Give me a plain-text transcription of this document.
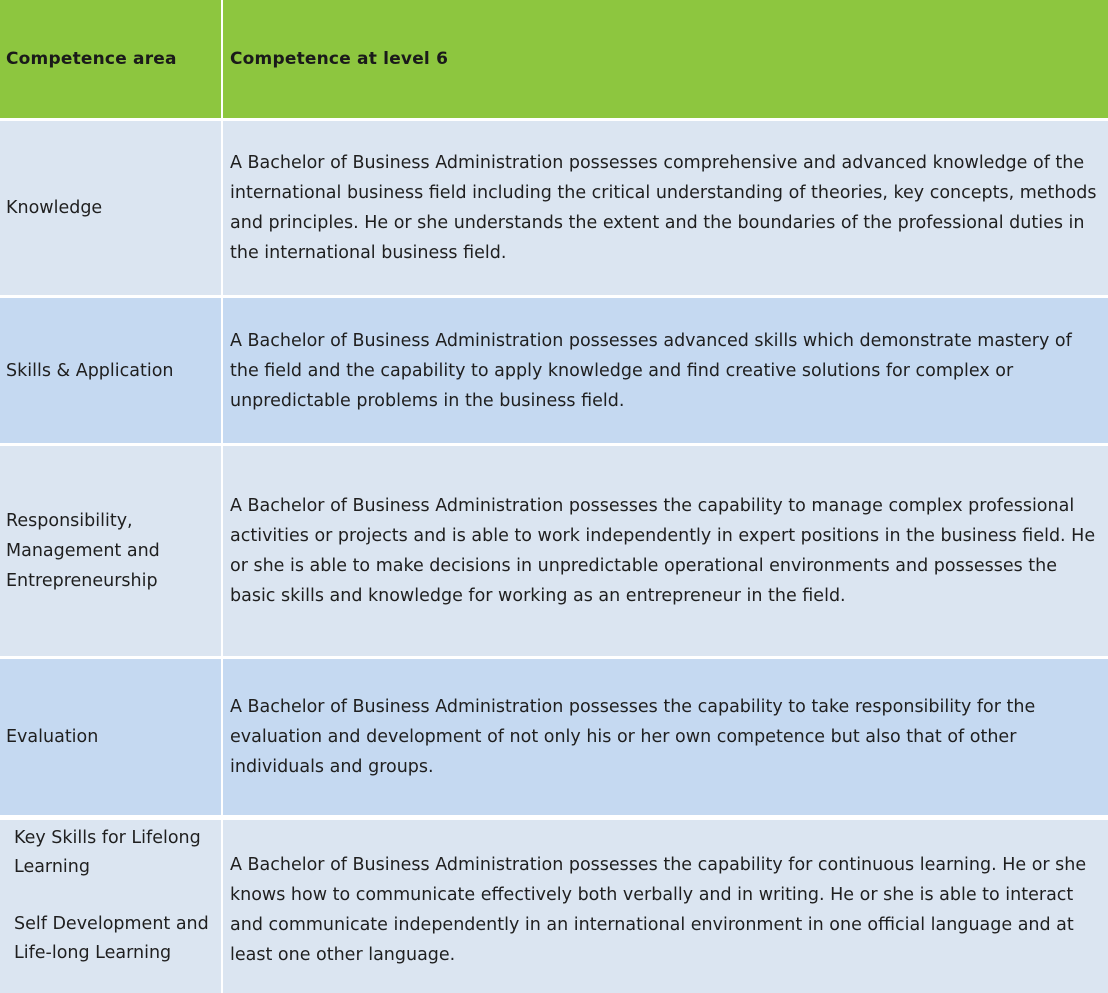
Competence area	Competence at level 6
Knowledge
A Bachelor of Business Administration possesses comprehensive and advanced knowledge of the international business field including the critical understanding of theories, key concepts, methods and principles. He or she understands the extent and the boundaries of the professional duties in the international business field.
Skills & Application
A Bachelor of Business Administration possesses advanced skills which demonstrate mastery of the field and the capability to apply knowledge and find creative solutions for complex or unpredictable problems in the business field.
Responsibility, Management and Entrepreneurship
A Bachelor of Business Administration possesses the capability to manage complex professional activities or projects and is able to work independently in expert positions in the business field. He or she is able to make decisions in unpredictable operational environments and possesses the basic skills and knowledge for working as an entrepreneur in the field.
Evaluation
A Bachelor of Business Administration possesses the capability to take responsibility for the evaluation and development of not only his or her own competence but also that of other individuals and groups.
Key Skills for Lifelong Learning
Self Development and Life-long Learning
A Bachelor of Business Administration possesses the capability for continuous learning. He or she knows how to communicate effectively both verbally and in writing. He or she is able to interact and communicate independently in an international environment in one official language and at least one other language.
